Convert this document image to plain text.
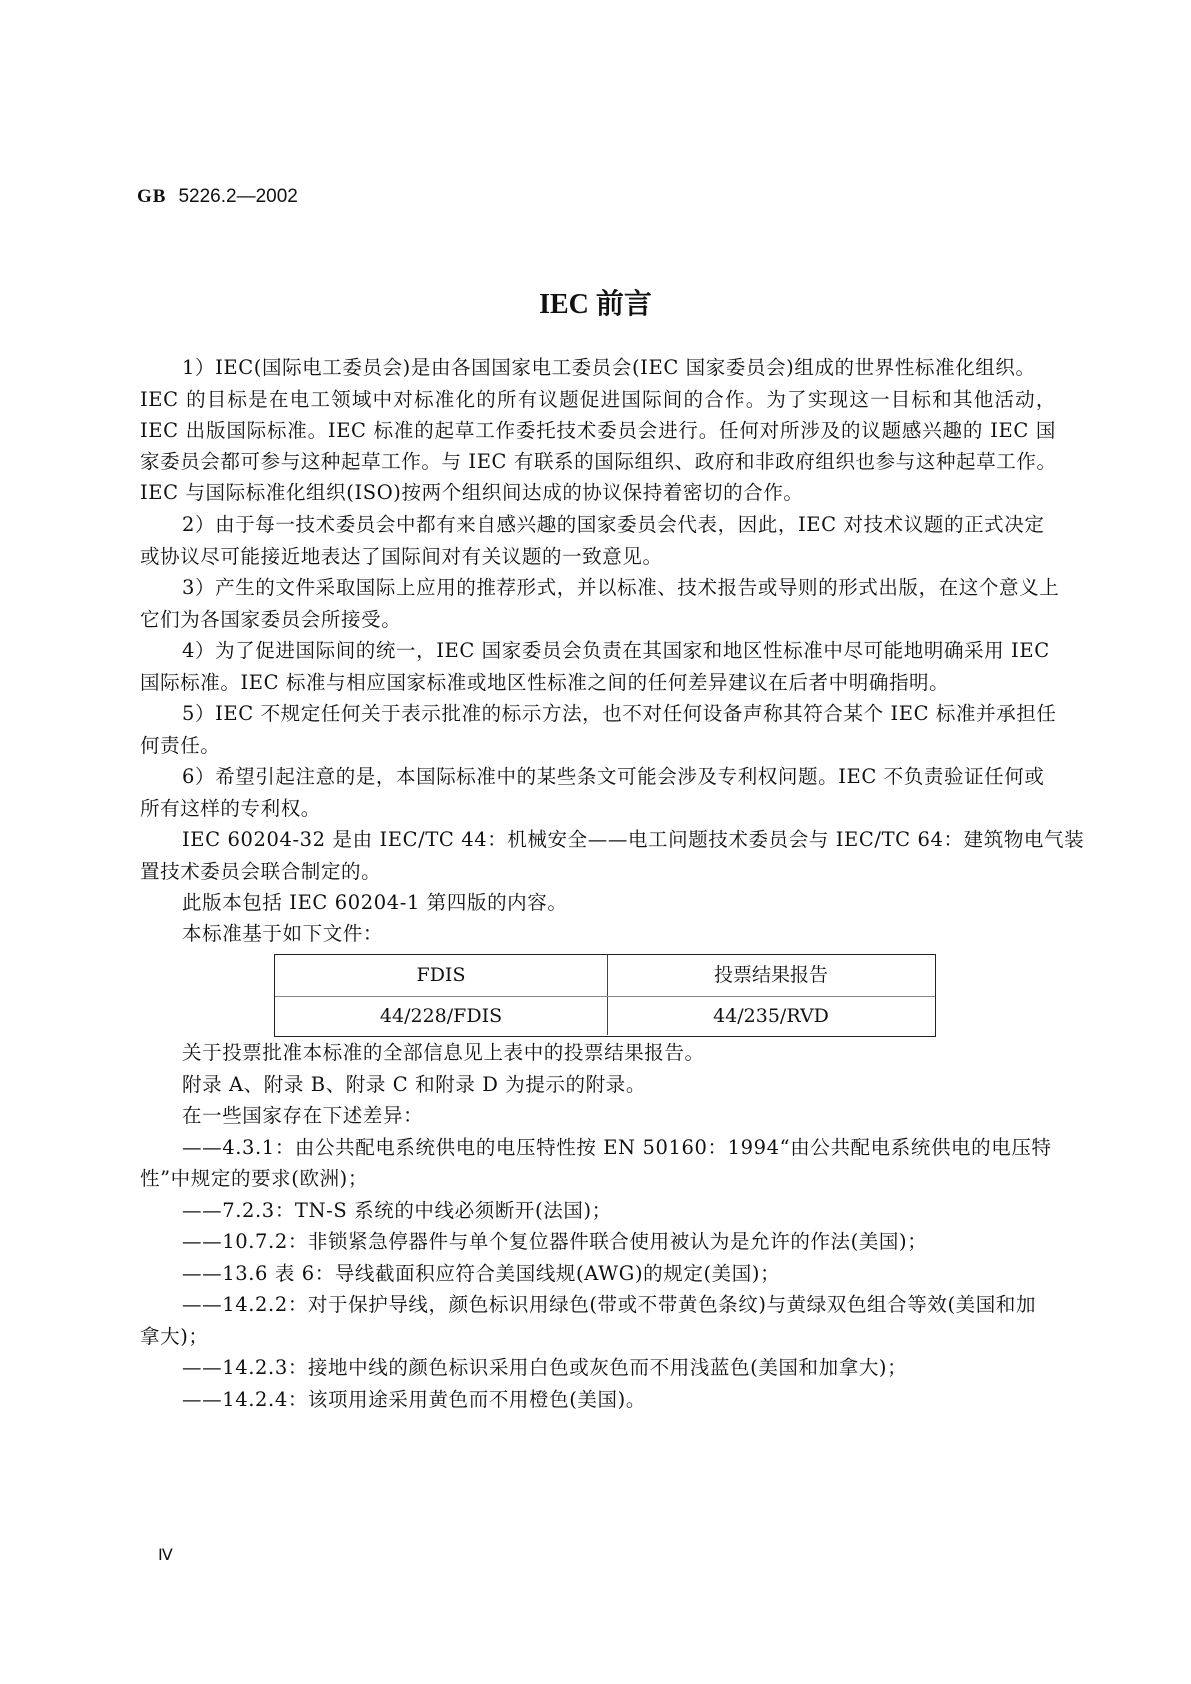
GB 5226.2—2002
IEC 前言
1）IEC(国际电工委员会)是由各国国家电工委员会(IEC 国家委员会)组成的世界性标准化组织。
IEC 的目标是在电工领域中对标准化的所有议题促进国际间的合作。为了实现这一目标和其他活动，
IEC 出版国际标准。IEC 标准的起草工作委托技术委员会进行。任何对所涉及的议题感兴趣的 IEC 国
家委员会都可参与这种起草工作。与 IEC 有联系的国际组织、政府和非政府组织也参与这种起草工作。
IEC 与国际标准化组织(ISO)按两个组织间达成的协议保持着密切的合作。
2）由于每一技术委员会中都有来自感兴趣的国家委员会代表，因此，IEC 对技术议题的正式决定
或协议尽可能接近地表达了国际间对有关议题的一致意见。
3）产生的文件采取国际上应用的推荐形式，并以标准、技术报告或导则的形式出版，在这个意义上
它们为各国家委员会所接受。
4）为了促进国际间的统一，IEC 国家委员会负责在其国家和地区性标准中尽可能地明确采用 IEC
国际标准。IEC 标准与相应国家标准或地区性标准之间的任何差异建议在后者中明确指明。
5）IEC 不规定任何关于表示批准的标示方法，也不对任何设备声称其符合某个 IEC 标准并承担任
何责任。
6）希望引起注意的是，本国际标准中的某些条文可能会涉及专利权问题。IEC 不负责验证任何或
所有这样的专利权。
IEC 60204-32 是由 IEC/TC 44：机械安全——电工问题技术委员会与 IEC/TC 64：建筑物电气装
置技术委员会联合制定的。
此版本包括 IEC 60204-1 第四版的内容。
本标准基于如下文件：
关于投票批准本标准的全部信息见上表中的投票结果报告。
附录 A、附录 B、附录 C 和附录 D 为提示的附录。
在一些国家存在下述差异：
——4.3.1：由公共配电系统供电的电压特性按 EN 50160：1994“由公共配电系统供电的电压特
性”中规定的要求(欧洲)；
——7.2.3：TN-S 系统的中线必须断开(法国)；
——10.7.2：非锁紧急停器件与单个复位器件联合使用被认为是允许的作法(美国)；
——13.6 表 6：导线截面积应符合美国线规(AWG)的规定(美国)；
——14.2.2：对于保护导线，颜色标识用绿色(带或不带黄色条纹)与黄绿双色组合等效(美国和加
拿大)；
——14.2.3：接地中线的颜色标识采用白色或灰色而不用浅蓝色(美国和加拿大)；
——14.2.4：该项用途采用黄色而不用橙色(美国)。
FDIS	投票结果报告
44/228/FDIS	44/235/RVD
Ⅳ
